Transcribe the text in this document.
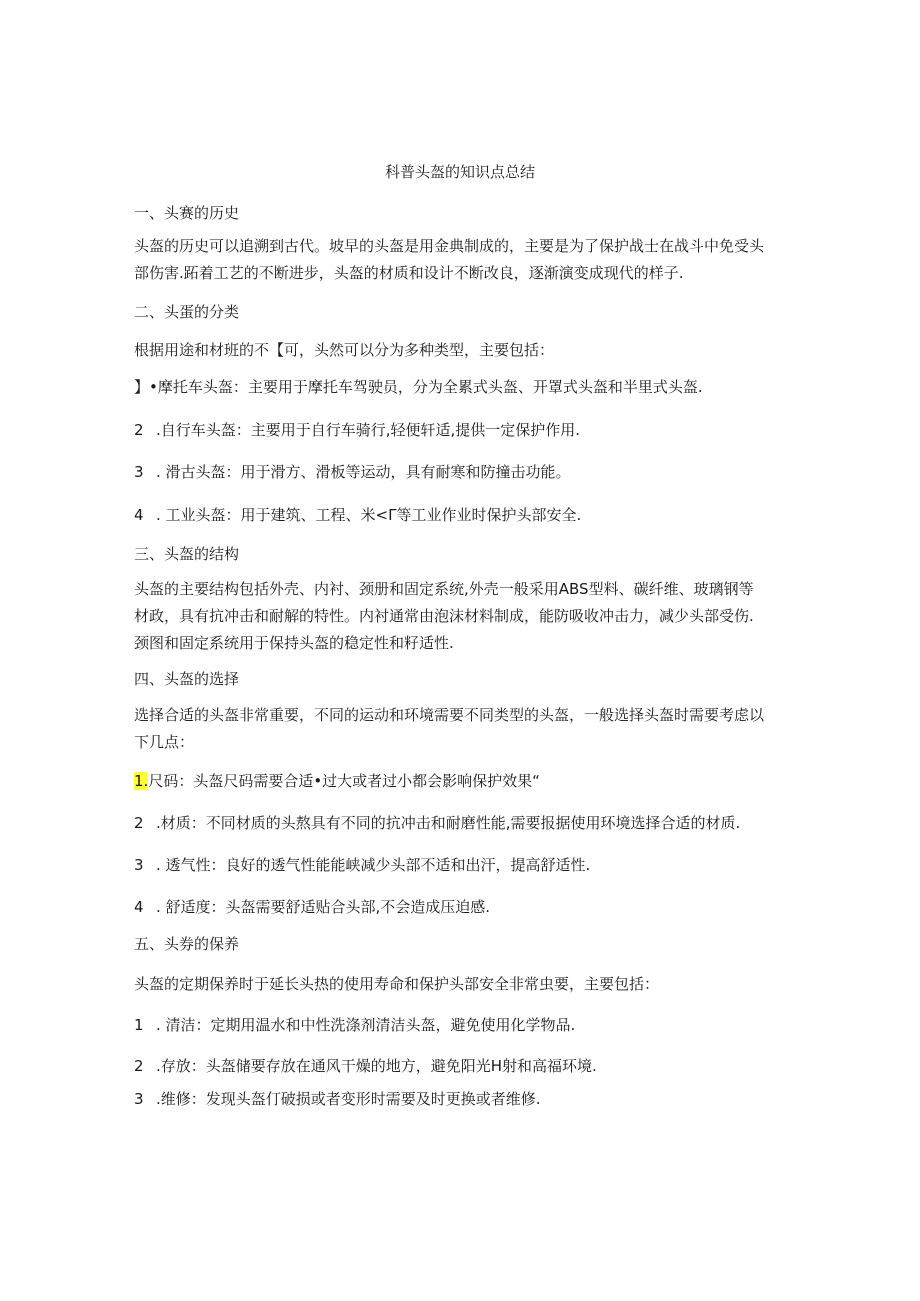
科普头盔的知识点总结
一、头赛的历史
头盔的历史可以追溯到古代。坡早的头盔是用金典制成的，主要是为了保护战士在战斗中免受头
部伤害.跖着工艺的不断进步，头盔的材质和设计不断改良，逐渐演变成现代的样子.
二、头蛋的分类
根据用途和材班的不【可，头然可以分为多种类型，主要包括：
】•摩托车头盔：主要用于摩托车驾驶员，分为全累式头盔、开罩式头盔和半里式头盔.
2 .自行车头盔：主要用于自行车骑行,轻便轩适,提供一定保护作用.
3 . 滑古头盔：用于滑方、滑板等运动，具有耐寒和防撞击功能。
4 . 工业头盔：用于建筑、工程、米<Γ等工业作业时保护头部安全.
三、头盔的结构
头盔的主要结构包括外壳、内衬、颈册和固定系统,外壳一般采用ABS型料、碳纤维、玻璃钢等
材政，具有抗冲击和耐解的特性。内衬通常由泡沫材料制成，能防吸收冲击力，减少头部受伤.
颈图和固定系统用于保持头盔的稳定性和籽适性.
四、头盔的选择
选择合适的头盔非常重要，不同的运动和环境需要不同类型的头盔，一般选择头盔时需要考虑以
下几点：
1.尺码：头盔尺码需要合适•过大或者过小都会影响保护效果“
2 .材质：不同材质的头熬具有不同的抗冲击和耐磨性能,需要报据使用环境选择合适的材质.
3 . 透气性：良好的透气性能能峡减少头部不适和出汗，提高舒适性.
4 . 舒适度：头盔需要舒适贴合头部,不会造成压迫感.
五、头券的保养
头盔的定期保养时于延长头热的使用寿命和保护头部安全非常虫要，主要包括：
1 . 清洁：定期用温水和中性洗涤剂清洁头盔，避免使用化学物品.
2 .存放：头盔储要存放在通风干燥的地方，避免阳光H射和高福环境.
3 .维修：发现头盔仃破损或者变形时需要及时更换或者维修.
